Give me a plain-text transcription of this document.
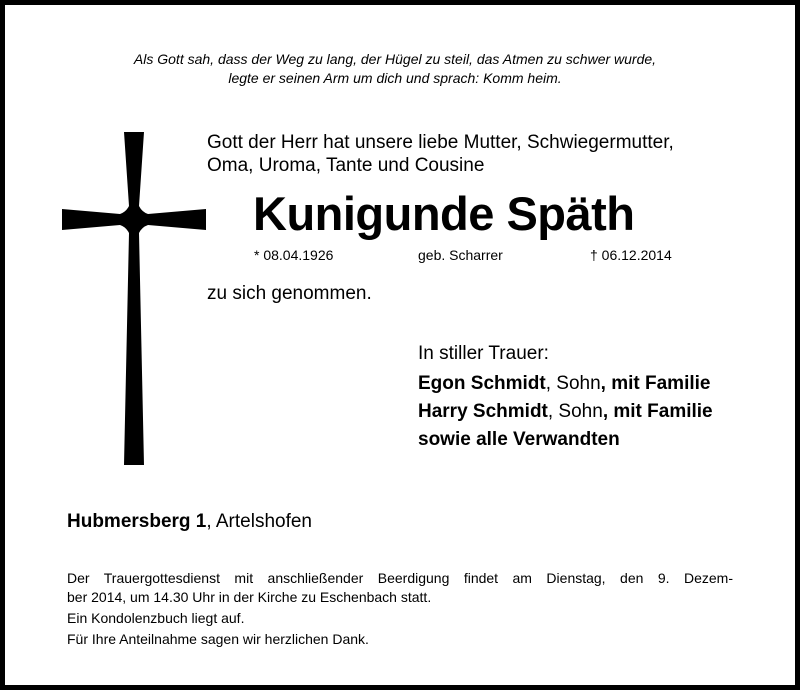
Als Gott sah, dass der Weg zu lang, der Hügel zu steil, das Atmen zu schwer wurde,
legte er seinen Arm um dich und sprach: Komm heim.
Gott der Herr hat unsere liebe Mutter, Schwiegermutter,
Oma, Uroma, Tante und Cousine
Kunigunde Späth
* 08.04.1926	geb. Scharrer	† 06.12.2014
zu sich genommen.
In stiller Trauer:
Egon Schmidt, Sohn, mit Familie
Harry Schmidt, Sohn, mit Familie
sowie alle Verwandten
Hubmersberg 1, Artelshofen
Der Trauergottesdienst mit anschließender Beerdigung findet am Dienstag, den 9. Dezem-
ber 2014, um 14.30 Uhr in der Kirche zu Eschenbach statt.
Ein Kondolenzbuch liegt auf.
Für Ihre Anteilnahme sagen wir herzlichen Dank.
